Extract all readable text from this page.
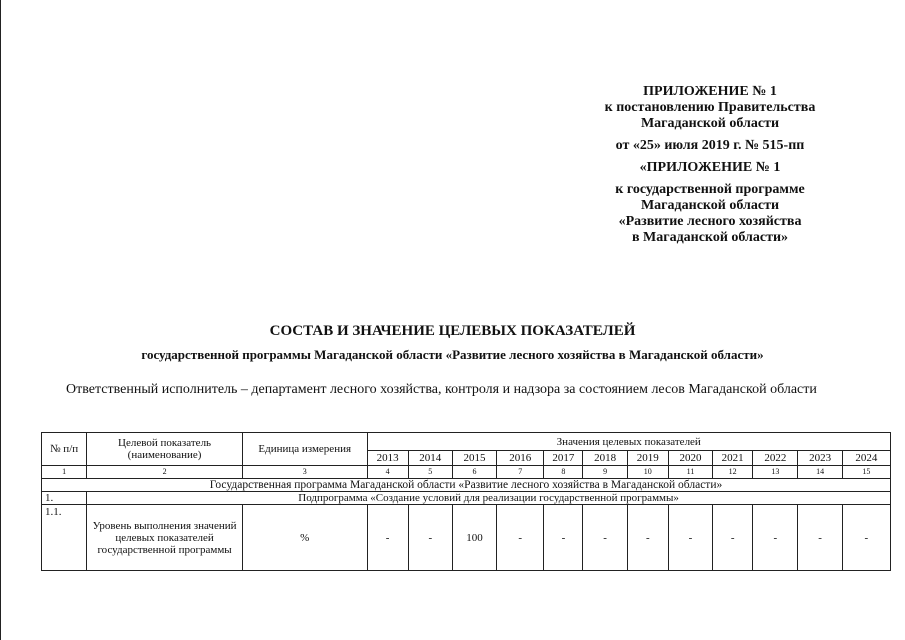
ПРИЛОЖЕНИЕ № 1
к постановлению Правительства
Магаданской области
от «25» июля 2019 г. № 515-пп
«ПРИЛОЖЕНИЕ № 1
к государственной программе
Магаданской области
«Развитие лесного хозяйства
в Магаданской области»
СОСТАВ И ЗНАЧЕНИЕ ЦЕЛЕВЫХ ПОКАЗАТЕЛЕЙ
государственной программы Магаданской области «Развитие лесного хозяйства в Магаданской области»
Ответственный исполнитель – департамент лесного хозяйства, контроля и надзора за состоянием лесов Магаданской области
№ п/п	Целевой показатель (наименование)	Единица измерения	Значения целевых показателей											
			2013	2014	2015	2016	2017	2018	2019	2020	2021	2022	2023	2024
1	2	3	4	5	6	7	8	9	10	11	12	13	14	15
Государственная программа Магаданской области «Развитие лесного хозяйства в Магаданской области»														
1.	Подпрограмма «Создание условий для реализации государственной программы»													
1.1.	Уровень выполнения значений целевых показателей государственной программы	%	-	-	100	-	-	-	-	-	-	-	-	-
